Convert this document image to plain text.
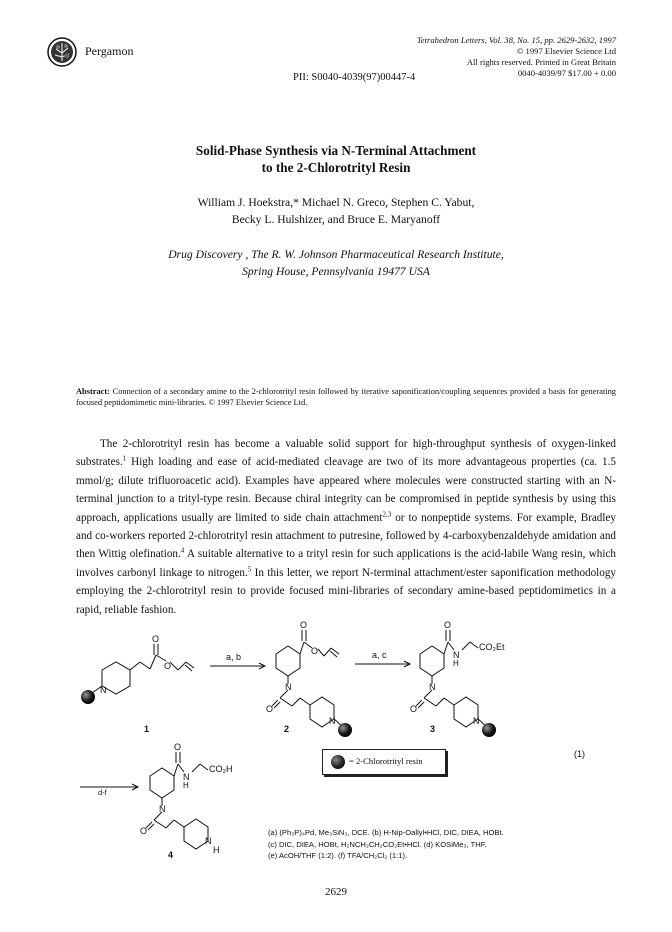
Pergamon
Tetrahedron Letters, Vol. 38, No. 15, pp. 2629-2632, 1997
© 1997 Elsevier Science Ltd
All rights reserved. Printed in Great Britain
0040-4039/97 $17.00 + 0.00
PII: S0040-4039(97)00447-4
Solid-Phase Synthesis via N-Terminal Attachment
to the 2-Chlorotrityl Resin
William J. Hoekstra,* Michael N. Greco, Stephen C. Yabut,
Becky L. Hulshizer, and Bruce E. Maryanoff
Drug Discovery , The R. W. Johnson Pharmaceutical Research Institute,
Spring House, Pennsylvania 19477 USA
Abstract: Connection of a secondary amine to the 2-chlorotrityl resin followed by iterative saponification/coupling sequences provided a basis for generating focused peptidomimetic mini-libraries. © 1997 Elsevier Science Ltd.
The 2-chlorotrityl resin has become a valuable solid support for high-throughput synthesis of oxygen-linked substrates.$^1$ High loading and ease of acid-mediated cleavage are two of its more advantageous properties (ca. 1.5 mmol/g; dilute trifluoroacetic acid). Examples have appeared where molecules were constructed starting with an N-terminal junction to a trityl-type resin. Because chiral integrity can be compromised in peptide synthesis by using this approach, applications usually are limited to side chain attachment$^{2,3}$ or to nonpeptide systems. For example, Bradley and co-workers reported 2-chlorotrityl resin attachment to putresine, followed by 4-carboxybenzaldehyde amidation and then Wittig olefination.$^4$ A suitable alternative to a trityl resin for such applications is the acid-labile Wang resin, which involves carbonyl linkage to nitrogen.$^5$ In this letter, we report N-terminal attachment/ester saponification methodology employing the 2-chlorotrityl resin to provide focused mini-libraries of secondary amine-based peptidomimetics in a rapid, reliable fashion.
O
O
N
a, b
O
O
N
O
N
a, c
O
N
H
CO₂Et
N
O
N
d-f
O
N
H
CO₂H
N
O
N
H
1	2	3
4
(1)
= 2-Chlorotrityl resin
(a) (Ph₃P)₄Pd, Me₃SiN₃, DCE. (b) H-Nip-Oallyl•HCl, DIC, DIEA, HOBt.
(c) DIC, DIEA, HOBt, H₂NCH₂CH₂CO₂Et•HCl. (d) KOSiMe₃, THF.
(e) AcOH/THF (1:2). (f) TFA/CH₂Cl₂ (1:1).
2629
